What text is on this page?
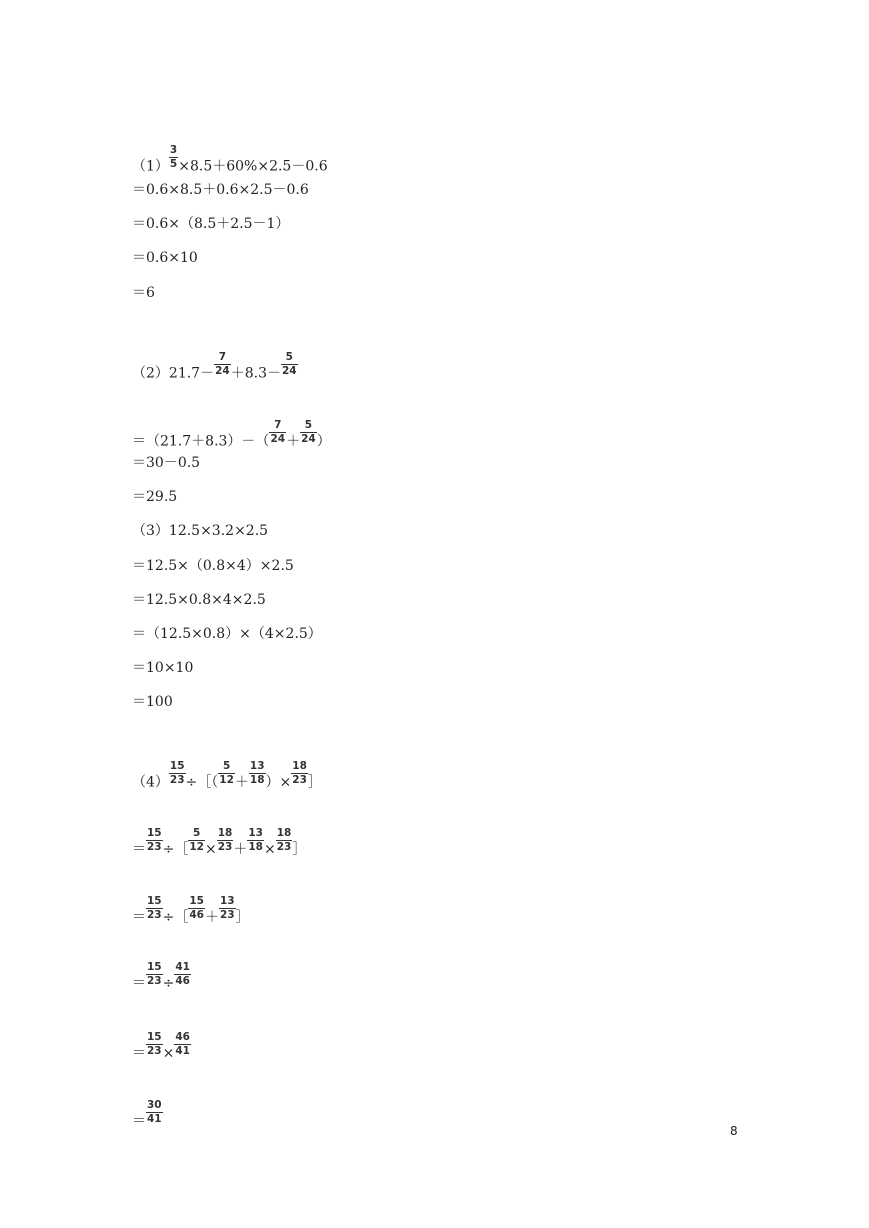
$(1) \frac{3}{5} \times 8.5+60\%\times 2.5-0.6$
＝0.6×8.5＋0.6×2.5－0.6
＝0.6×（8.5＋2.5－1）
＝0.6×10
＝6
$(2)21.7- \frac{7}{24} +8.3- \frac{5}{24}$
$=(21.7+8.3)-( \frac{7}{24} + \frac{5}{24}$ ）
＝30－0.5
＝29.5
（3）12.5×3.2×2.5
＝12.5×（0.8×4）×2.5
＝12.5×0.8×4×2.5
＝（12.5×0.8）×（4×2.5）
＝10×10
＝100
$(4) \frac{15}{23}$ ÷［（ $\frac{5}{12} + \frac{13}{18}$ ）× $\frac{18}{23}$ ］
＝ $\frac{15}{23}$ ÷［ $\frac{5}{12} \times \frac{18}{23} + \frac{13}{18} \times \frac{18}{23}$ ］
＝ $\frac{15}{23}$ ÷［ $\frac{15}{46} + \frac{13}{23}$ ］
＝ $\frac{15}{23} \div \frac{41}{46}$
＝ $\frac{15}{23} \times \frac{46}{41}$
＝ $\frac{30}{41}$
8
